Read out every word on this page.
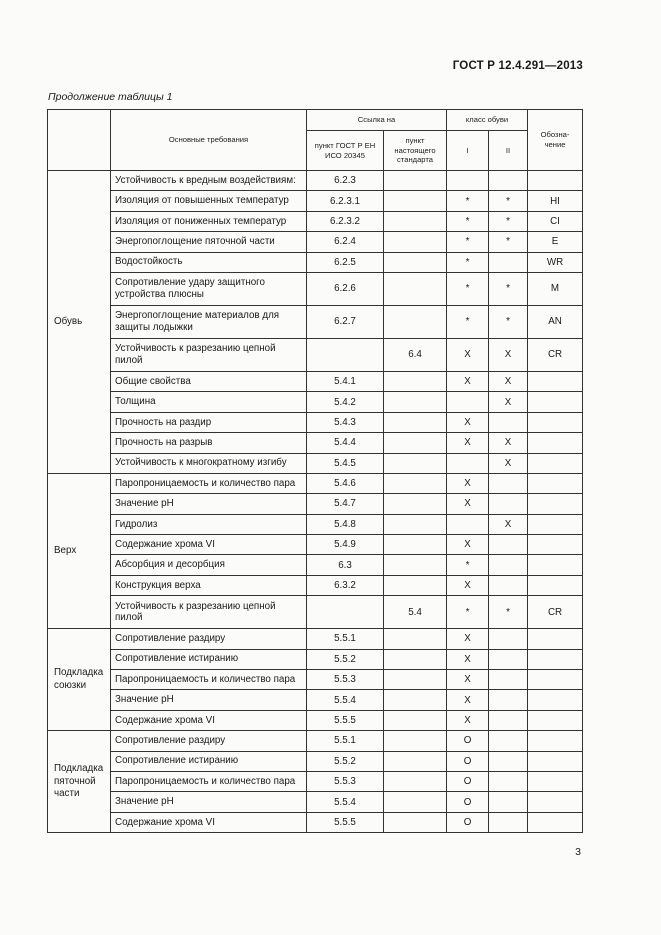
ГОСТ Р 12.4.291—2013
Продолжение таблицы 1
	Основные требования	Ссылка на		класс обуви		Обозна-чение
		пункт ГОСТ Р ЕН ИСО 20345	пункт настоящего стандарта	I	II	
Обувь	Устойчивость к вредным воздействиям:	6.2.3				
	Изоляция от повышенных температур	6.2.3.1		*	*	HI
	Изоляция от пониженных температур	6.2.3.2		*	*	CI
	Энергопоглощение пяточной части	6.2.4		*	*	E
	Водостойкость	6.2.5		*		WR
	Сопротивление удару защитного устройства плюсны	6.2.6		*	*	M
	Энергопоглощение материалов для защиты лодыжки	6.2.7		*	*	AN
	Устойчивость к разрезанию цепной пилой		6.4	X	X	CR
	Общие свойства	5.4.1		X	X	
	Толщина	5.4.2			X	
	Прочность на раздир	5.4.3		X		
	Прочность на разрыв	5.4.4		X	X	
	Устойчивость к многократному изгибу	5.4.5			X	
Верх	Паропроницаемость и количество пара	5.4.6		X		
	Значение рН	5.4.7		X		
	Гидролиз	5.4.8			X	
	Содержание хрома VI	5.4.9		X		
	Абсорбция и десорбция	6.3		*		
	Конструкция верха	6.3.2		X		
	Устойчивость к разрезанию цепной пилой		5.4	*	*	CR
Подкладка союзки	Сопротивление раздиру	5.5.1		X		
	Сопротивление истиранию	5.5.2		X		
	Паропроницаемость и количество пара	5.5.3		X		
	Значение рН	5.5.4		X		
	Содержание хрома VI	5.5.5		X		
Подкладка пяточной части	Сопротивление раздиру	5.5.1		O		
	Сопротивление истиранию	5.5.2		O		
	Паропроницаемость и количество пара	5.5.3		O		
	Значение рН	5.5.4		O		
	Содержание хрома VI	5.5.5		O		
3
